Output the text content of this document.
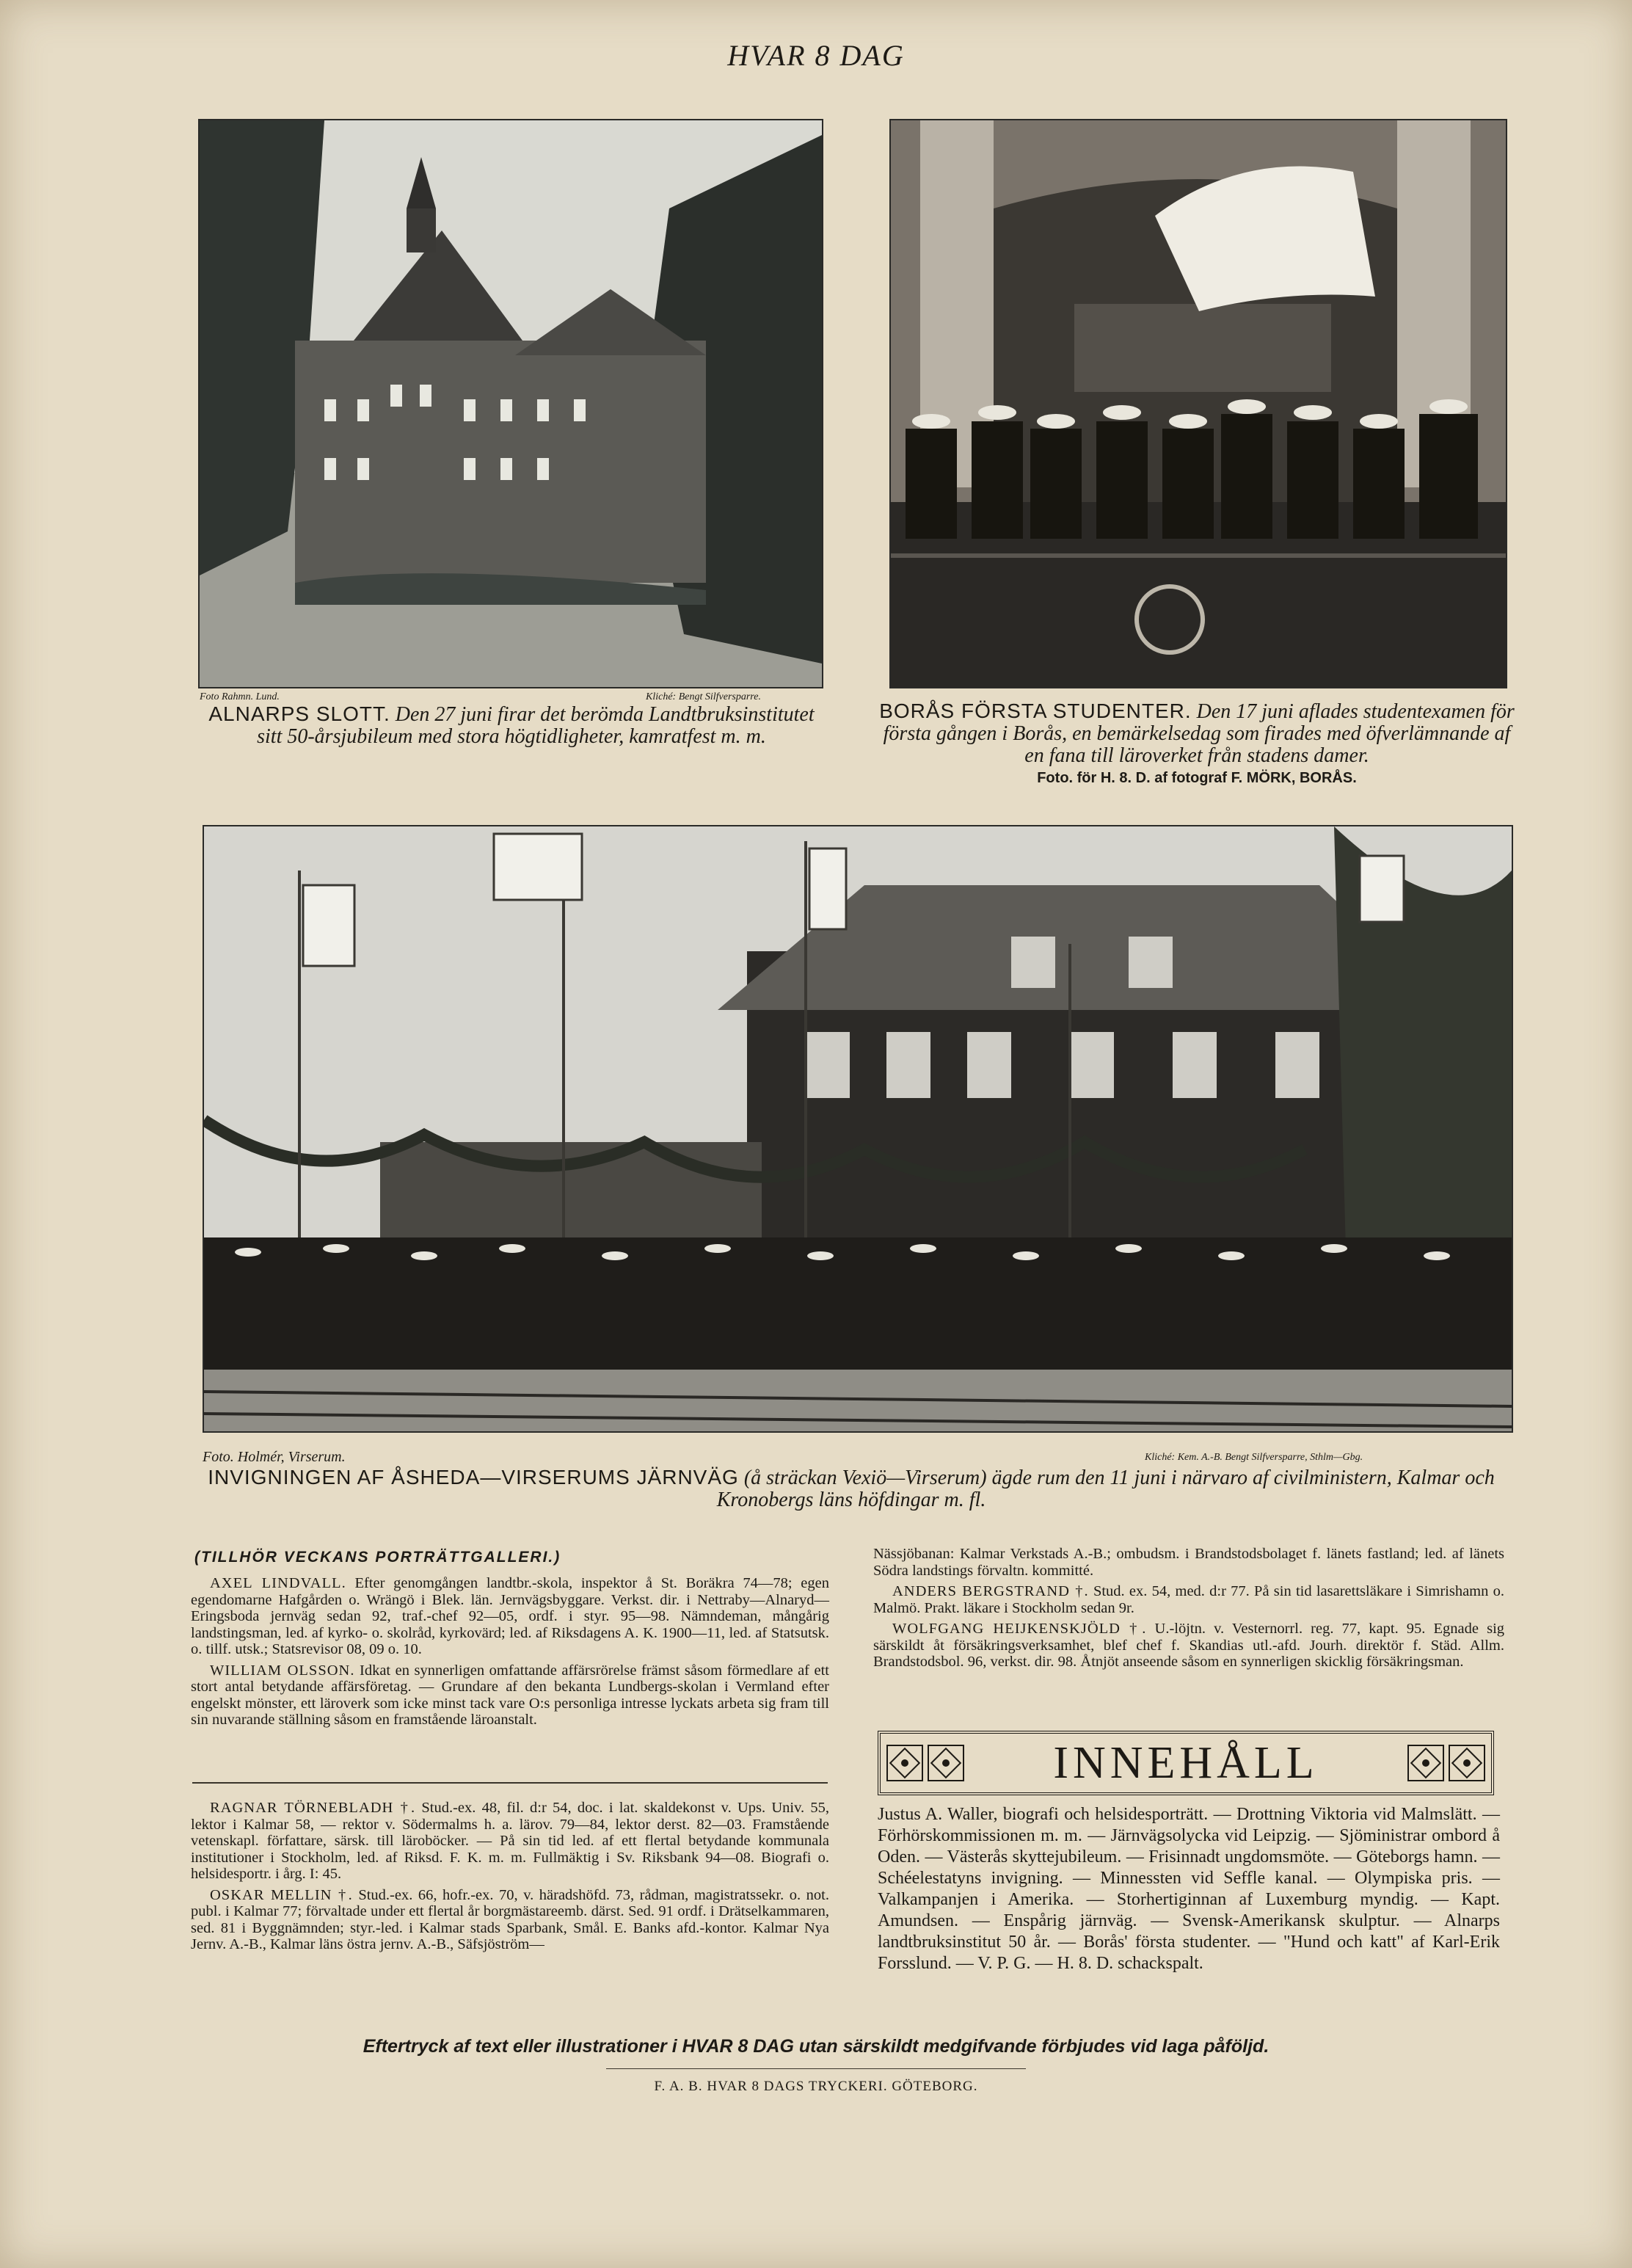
HVAR 8 DAG
Foto Rahmn. Lund.	Kliché: Bengt Silfversparre.
ALNARPS SLOTT. Den 27 juni firar det berömda Landtbruksinstitutet sitt 50-årsjubileum med stora högtidligheter, kamratfest m. m.
BORÅS FÖRSTA STUDENTER. Den 17 juni aflades studentexamen för första gången i Borås, en bemärkelsedag som firades med öfverlämnande af en fana till läroverket från stadens damer.
Foto. för H. 8. D. af fotograf F. MÖRK, BORÅS.
Foto. Holmér, Virserum.	Kliché: Kem. A.-B. Bengt Silfversparre, Sthlm—Gbg.
INVIGNINGEN AF ÅSHEDA—VIRSERUMS JÄRNVÄG (å sträckan Vexiö—Virserum) ägde rum den 11 juni i närvaro af civilministern, Kalmar och Kronobergs läns höfdingar m. fl.
(TILLHÖR VECKANS PORTRÄTTGALLERI.)

AXEL LINDVALL. Efter genomgången landtbr.-skola, inspektor å St. Boräkra 74—78; egen egendomarne Hafgården o. Wrängö i Blek. län. Jernvägsbyggare. Verkst. dir. i Nettraby—Alnaryd—Eringsboda jernväg sedan 92, traf.-chef 92—05, ordf. i styr. 95—98. Nämndeman, mångårig landstingsman, led. af kyrko- o. skolråd, kyrkovärd; led. af Riksdagens A. K. 1900—11, led. af Statsutsk. o. tillf. utsk.; Statsrevisor 08, 09 o. 10.

WILLIAM OLSSON. Idkat en synnerligen omfattande affärsrörelse främst såsom förmedlare af ett stort antal betydande affärsföretag. — Grundare af den bekanta Lundbergs-skolan i Vermland efter engelskt mönster, ett läroverk som icke minst tack vare O:s personliga intresse lyckats arbeta sig fram till sin nuvarande ställning såsom en framstående läroanstalt.

RAGNAR TÖRNEBLADH †. Stud.-ex. 48, fil. d:r 54, doc. i lat. skaldekonst v. Ups. Univ. 55, lektor i Kalmar 58, — rektor v. Södermalms h. a. lärov. 79—84, lektor derst. 82—03. Framstående vetenskapl. författare, särsk. till läroböcker. — På sin tid led. af ett flertal betydande kommunala institutioner i Stockholm, led. af Riksd. F. K. m. m. Fullmäktig i Sv. Riksbank 94—08. Biografi o. helsidesportr. i årg. I: 45.

OSKAR MELLIN †. Stud.-ex. 66, hofr.-ex. 70, v. häradshöfd. 73, rådman, magistratssekr. o. not. publ. i Kalmar 77; förvaltade under ett flertal år borgmästareemb. därst. Sed. 91 ordf. i Drätselkammaren, sed. 81 i Byggnämnden; styr.-led. i Kalmar stads Sparbank, Smål. E. Banks afd.-kontor. Kalmar Nya Jernv. A.-B., Kalmar läns östra jernv. A.-B., Säfsjöström—

Nässjöbanan: Kalmar Verkstads A.-B.; ombudsm. i Brandstodsbolaget f. länets fastland; led. af länets Södra landstings förvaltn. kommitté.

ANDERS BERGSTRAND †. Stud. ex. 54, med. d:r 77. På sin tid lasarettsläkare i Simrishamn o. Malmö. Prakt. läkare i Stockholm sedan 9r.

WOLFGANG HEIJKENSKJÖLD †. U.-löjtn. v. Vesternorrl. reg. 77, kapt. 95. Egnade sig särskildt åt försäkringsverksamhet, blef chef f. Skandias utl.-afd. Jourh. direktör f. Städ. Allm. Brandstodsbol. 96, verkst. dir. 98. Åtnjöt anseende såsom en synnerligen skicklig försäkringsman.

INNEHÅLL
Justus A. Waller, biografi och helsidesporträtt. — Drottning Viktoria vid Malmslätt. — Förhörskommissionen m. m. — Järnvägsolycka vid Leipzig. — Sjöministrar ombord å Oden. — Västerås skyttejubileum. — Frisinnadt ungdomsmöte. — Göteborgs hamn. — Schéelestatyns invigning. — Minnessten vid Seffle kanal. — Olympiska pris. — Valkampanjen i Amerika. — Storhertiginnan af Luxemburg myndig. — Kapt. Amundsen. — Enspårig järnväg. — Svensk-Amerikansk skulptur. — Alnarps landtbruksinstitut 50 år. — Borås' första studenter. — "Hund och katt" af Karl-Erik Forsslund. — V. P. G. — H. 8. D. schackspalt.
Eftertryck af text eller illustrationer i HVAR 8 DAG utan särskildt medgifvande förbjudes vid laga påföljd.
F. A. B. HVAR 8 DAGS TRYCKERI. GÖTEBORG.
